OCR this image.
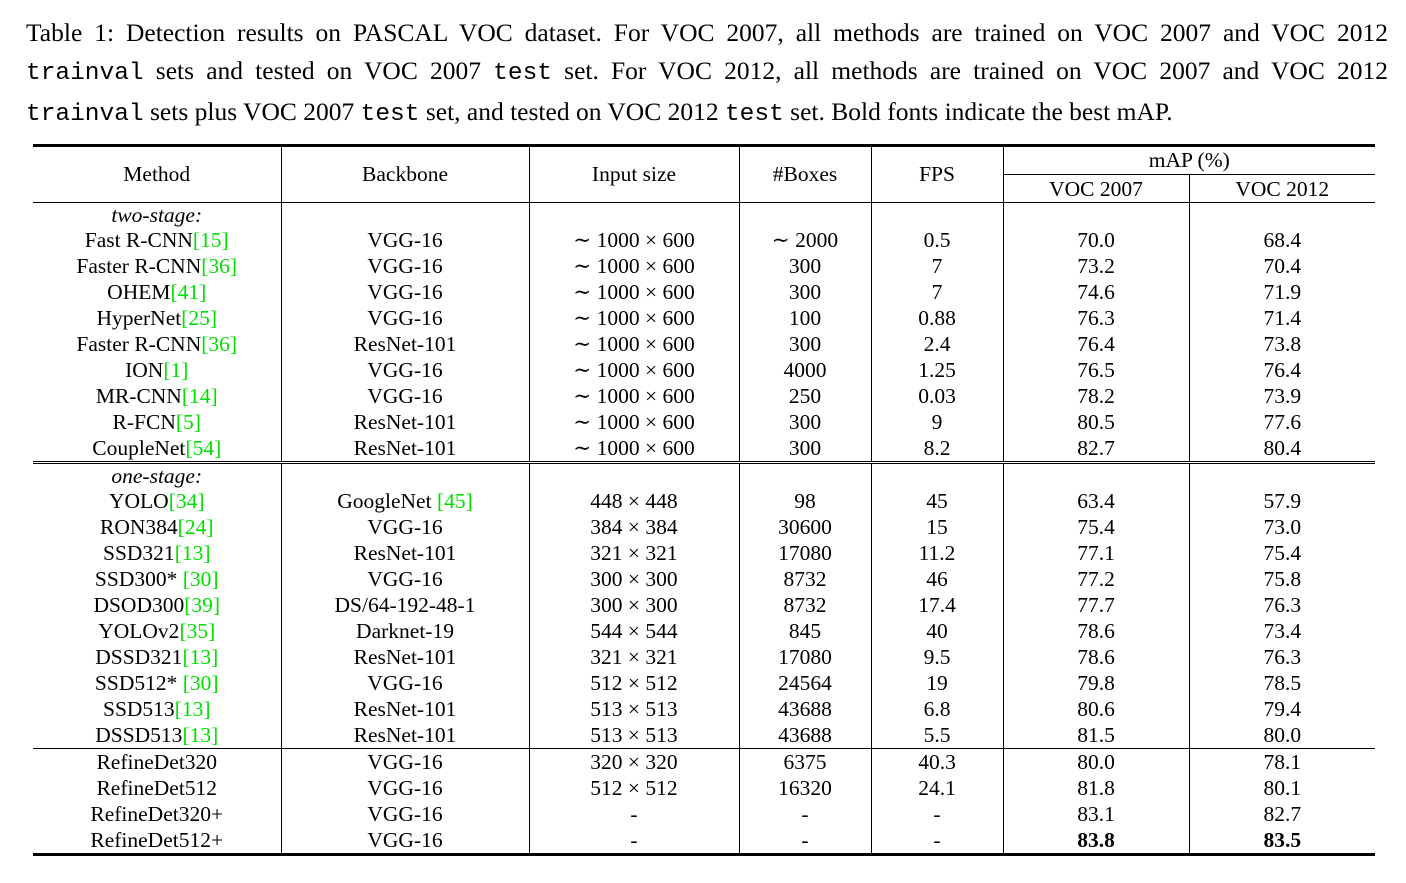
Table 1: Detection results on PASCAL VOC dataset. For VOC 2007, all methods are trained on VOC 2007 and VOC 2012 trainval sets and tested on VOC 2007 test set. For VOC 2012, all methods are trained on VOC 2007 and VOC 2012 trainval sets plus VOC 2007 test set, and tested on VOC 2012 test set. Bold fonts indicate the best mAP.

Method	Backbone	Input size	#Boxes	FPS	mAP (%)	
					VOC 2007	VOC 2012
two-stage:						
Fast R-CNN[15]	VGG-16	∼ 1000 × 600	∼ 2000	0.5	70.0	68.4
Faster R-CNN[36]	VGG-16	∼ 1000 × 600	300	7	73.2	70.4
OHEM[41]	VGG-16	∼ 1000 × 600	300	7	74.6	71.9
HyperNet[25]	VGG-16	∼ 1000 × 600	100	0.88	76.3	71.4
Faster R-CNN[36]	ResNet-101	∼ 1000 × 600	300	2.4	76.4	73.8
ION[1]	VGG-16	∼ 1000 × 600	4000	1.25	76.5	76.4
MR-CNN[14]	VGG-16	∼ 1000 × 600	250	0.03	78.2	73.9
R-FCN[5]	ResNet-101	∼ 1000 × 600	300	9	80.5	77.6
CoupleNet[54]	ResNet-101	∼ 1000 × 600	300	8.2	82.7	80.4
one-stage:						
YOLO[34]	GoogleNet [45]	448 × 448	98	45	63.4	57.9
RON384[24]	VGG-16	384 × 384	30600	15	75.4	73.0
SSD321[13]	ResNet-101	321 × 321	17080	11.2	77.1	75.4
SSD300* [30]	VGG-16	300 × 300	8732	46	77.2	75.8
DSOD300[39]	DS/64-192-48-1	300 × 300	8732	17.4	77.7	76.3
YOLOv2[35]	Darknet-19	544 × 544	845	40	78.6	73.4
DSSD321[13]	ResNet-101	321 × 321	17080	9.5	78.6	76.3
SSD512* [30]	VGG-16	512 × 512	24564	19	79.8	78.5
SSD513[13]	ResNet-101	513 × 513	43688	6.8	80.6	79.4
DSSD513[13]	ResNet-101	513 × 513	43688	5.5	81.5	80.0
RefineDet320	VGG-16	320 × 320	6375	40.3	80.0	78.1
RefineDet512	VGG-16	512 × 512	16320	24.1	81.8	80.1
RefineDet320+	VGG-16	-	-	-	83.1	82.7
RefineDet512+	VGG-16	-	-	-	83.8	83.5
